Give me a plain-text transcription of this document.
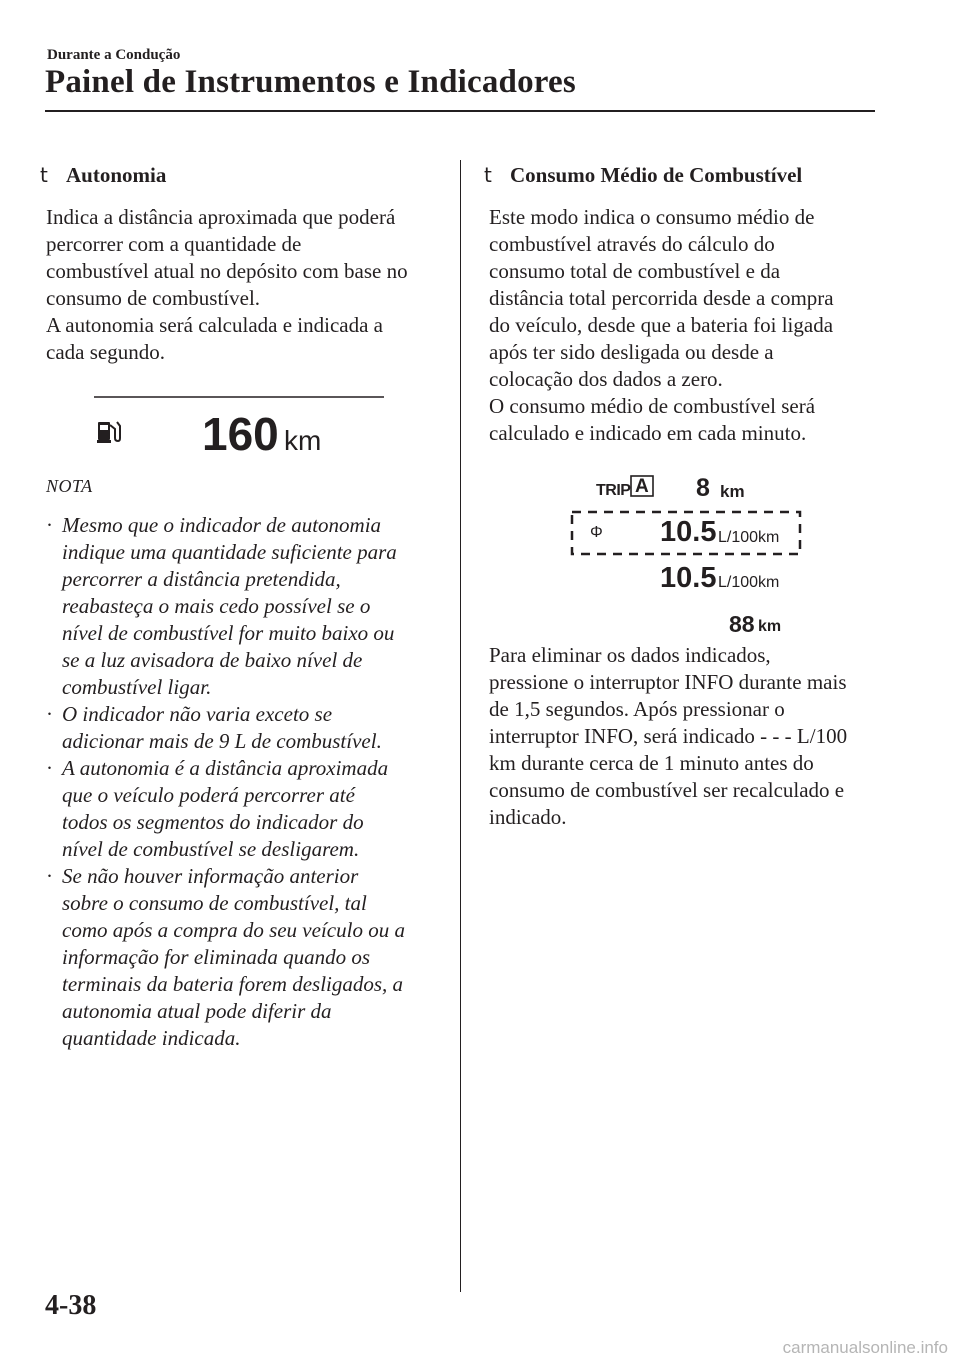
Durante a Condução
Painel de Instrumentos e Indicadores
t Autonomia
Indica a distância aproximada que poderá
percorrer com a quantidade de
combustível atual no depósito com base no
consumo de combustível.
A autonomia será calculada e indicada a
cada segundo.
160 km
NOTA
· Mesmo que o indicador de autonomia
indique uma quantidade suficiente para
percorrer a distância pretendida,
reabasteça o mais cedo possível se o
nível de combustível for muito baixo ou
se a luz avisadora de baixo nível de
combustível ligar.
· O indicador não varia exceto se
adicionar mais de 9 L de combustível.
· A autonomia é a distância aproximada
que o veículo poderá percorrer até
todos os segmentos do indicador do
nível de combustível se desligarem.
· Se não houver informação anterior
sobre o consumo de combustível, tal
como após a compra do seu veículo ou a
informação for eliminada quando os
terminais da bateria forem desligados, a
autonomia atual pode diferir da
quantidade indicada.
t Consumo Médio de Combustível
Este modo indica o consumo médio de
combustível através do cálculo do
consumo total de combustível e da
distância total percorrida desde a compra
do veículo, desde que a bateria foi ligada
após ter sido desligada ou desde a
colocação dos dados a zero.
O consumo médio de combustível será
calculado e indicado em cada minuto.
TRIP A 8 km
Φ 10.5 L/100km
10.5 L/100km
88 km
Para eliminar os dados indicados,
pressione o interruptor INFO durante mais
de 1,5 segundos. Após pressionar o
interruptor INFO, será indicado - - - L/100
km durante cerca de 1 minuto antes do
consumo de combustível ser recalculado e
indicado.
4-38
carmanualsonline.info
